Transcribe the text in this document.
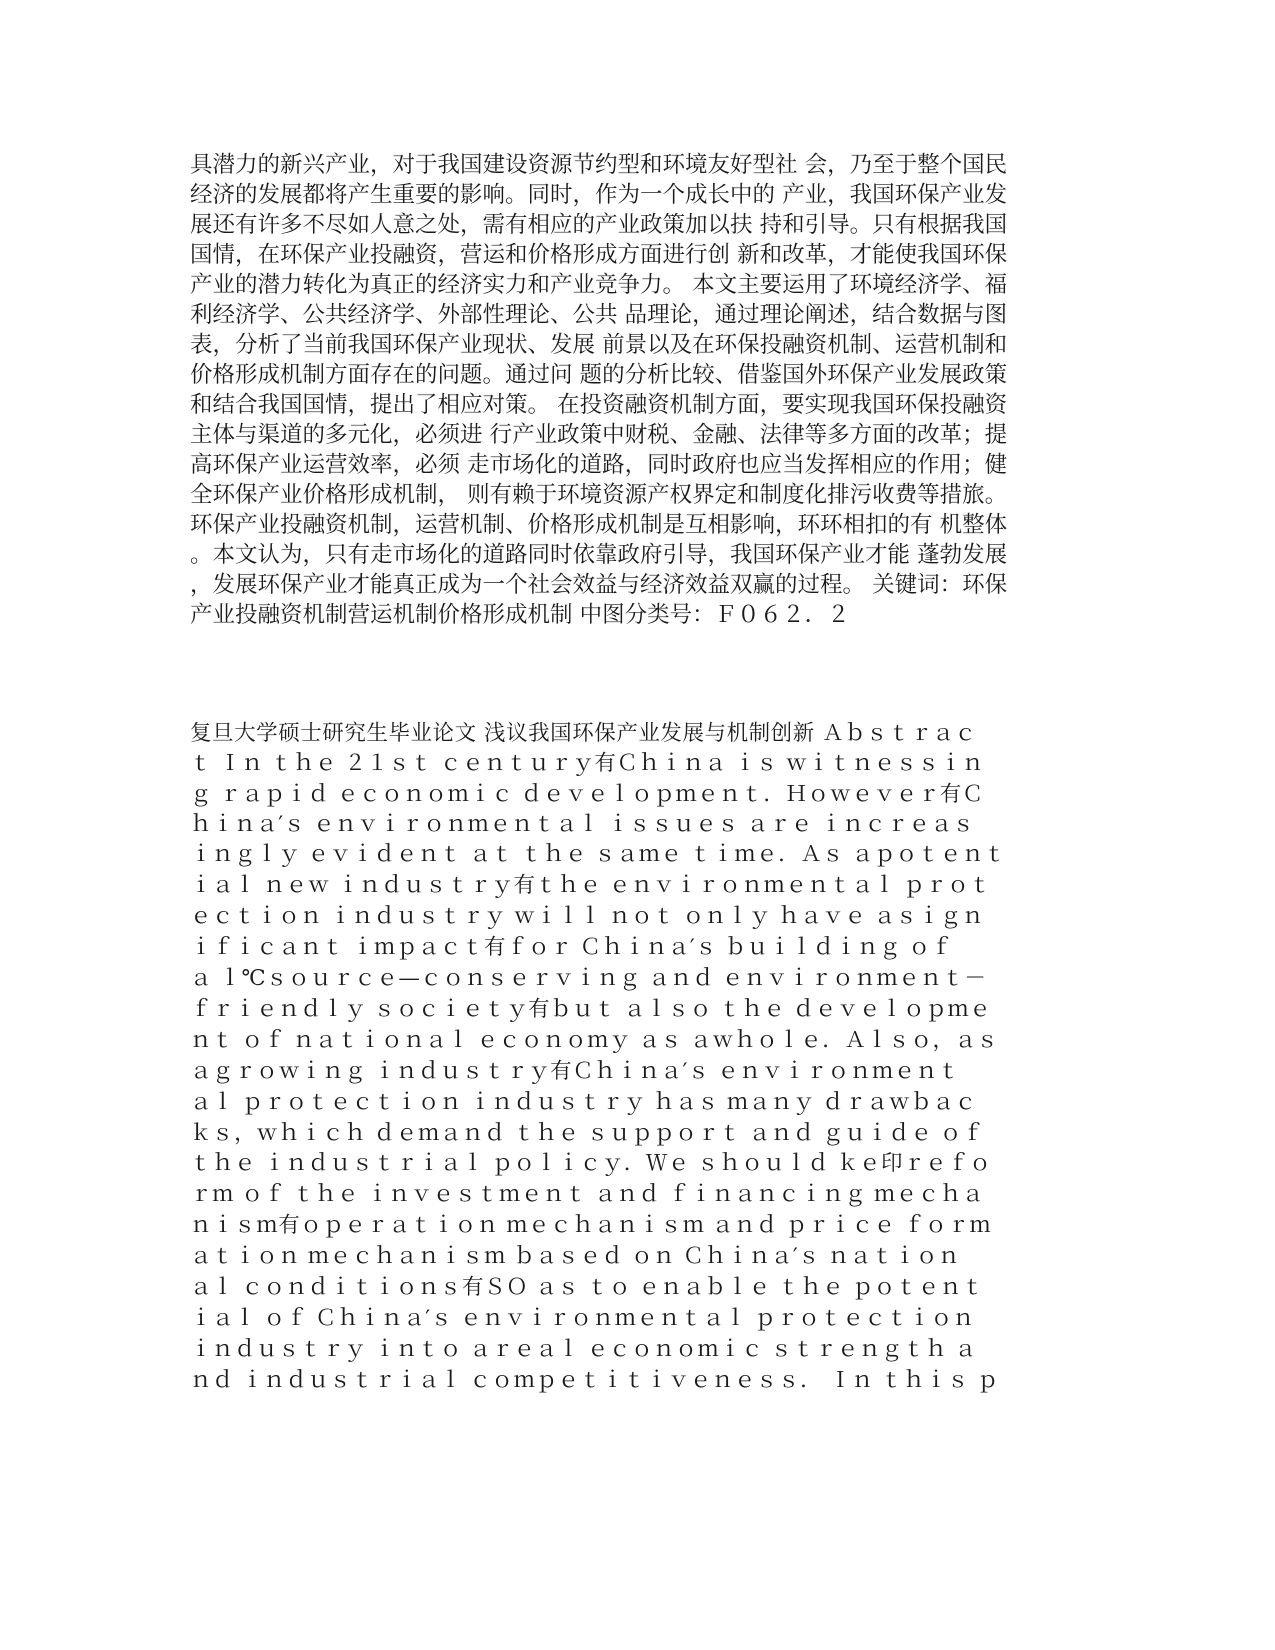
具潜力的新兴产业，对于我国建设资源节约型和环境友好型社 会，乃至于整个国民
经济的发展都将产生重要的影响。同时，作为一个成长中的 产业，我国环保产业发
展还有许多不尽如人意之处，需有相应的产业政策加以扶 持和引导。只有根据我国
国情，在环保产业投融资，营运和价格形成方面进行创 新和改革，才能使我国环保
产业的潜力转化为真正的经济实力和产业竞争力。 本文主要运用了环境经济学、福
利经济学、公共经济学、外部性理论、公共 品理论，通过理论阐述，结合数据与图
表，分析了当前我国环保产业现状、发展 前景以及在环保投融资机制、运营机制和
价格形成机制方面存在的问题。通过问 题的分析比较、借鉴国外环保产业发展政策
和结合我国国情，提出了相应对策。 在投资融资机制方面，要实现我国环保投融资
主体与渠道的多元化，必须进 行产业政策中财税、金融、法律等多方面的改革；提
高环保产业运营效率，必须 走市场化的道路，同时政府也应当发挥相应的作用；健
全环保产业价格形成机制， 则有赖于环境资源产权界定和制度化排污收费等措旅。
环保产业投融资机制，运营机制、价格形成机制是互相影响，环环相扣的有 机整体
。本文认为，只有走市场化的道路同时依靠政府引导，我国环保产业才能 蓬勃发展
，发展环保产业才能真正成为一个社会效益与经济效益双赢的过程。 关键词：环保
产业投融资机制营运机制价格形成机制 中图分类号：Ｆ０６２．２
复旦大学硕士研究生毕业论文 浅议我国环保产业发展与机制创新 Ａｂｓｔｒａｃ
ｔ Ｉｎ ｔｈｅ ２１ｓｔ ｃｅｎｔｕｒｙ有Ｃｈｉｎａ ｉｓ ｗｉｔｎｅｓｓｉｎ
ｇ ｒａｐｉｄ ｅｃｏｎｏｍｉｃ ｄｅｖｅｌｏｐｍｅｎｔ．Ｈｏｗｅｖｅｒ有Ｃ
ｈｉｎａ′ｓ ｅｎｖｉｒｏｎｍｅｎｔａｌ ｉｓｓｕｅｓ ａｒｅ ｉｎｃｒｅａｓ
ｉｎｇｌｙ ｅｖｉｄｅｎｔ ａｔ ｔｈｅ ｓａｍｅ ｔｉｍｅ．Ａｓ ａｐｏｔｅｎｔ
ｉａｌ ｎｅｗ ｉｎｄｕｓｔｒｙ有ｔｈｅ ｅｎｖｉｒｏｎｍｅｎｔａｌ ｐｒｏｔ
ｅｃｔｉｏｎ ｉｎｄｕｓｔｒｙ ｗｉｌｌ ｎｏｔ ｏｎｌｙ ｈａｖｅ ａｓｉｇｎ
ｉｆｉｃａｎｔ ｉｍｐａｃｔ有ｆｏｒ Ｃｈｉｎａ′ｓ ｂｕｉｌｄｉｎｇ ｏｆ
ａ ｌ℃ｓｏｕｒｃｅ—ｃｏｎｓｅｒｖｉｎｇ ａｎｄ ｅｎｖｉｒｏｎｍｅｎｔ－
ｆｒｉｅｎｄｌｙ ｓｏｃｉｅｔｙ有ｂｕｔ ａｌｓｏ ｔｈｅ ｄｅｖｅｌｏｐｍｅ
ｎｔ ｏｆ ｎａｔｉｏｎａｌ ｅｃｏｎｏｍｙ ａｓ ａｗｈｏｌｅ．Ａｌｓｏ，ａｓ
ａｇｒｏｗｉｎｇ ｉｎｄｕｓｔｒｙ有Ｃｈｉｎａ′ｓ ｅｎｖｉｒｏｎｍｅｎｔ
ａｌ ｐｒｏｔｅｃｔｉｏｎ ｉｎｄｕｓｔｒｙ ｈａｓ ｍａｎｙ ｄｒａｗｂａｃ
ｋｓ，ｗｈｉｃｈ ｄｅｍａｎｄ ｔｈｅ ｓｕｐｐｏｒｔ ａｎｄ ｇｕｉｄｅ ｏｆ
ｔｈｅ ｉｎｄｕｓｔｒｉａｌ ｐｏｌｉｃｙ．Ｗｅ ｓｈｏｕｌｄ ｋｅ印ｒｅｆｏ
ｒｍ ｏｆ ｔｈｅ ｉｎｖｅｓｔｍｅｎｔ ａｎｄ ｆｉｎａｎｃｉｎｇ ｍｅｃｈａ
ｎｉｓｍ有ｏｐｅｒａｔｉｏｎ ｍｅｃｈａｎｉｓｍ ａｎｄ ｐｒｉｃｅ ｆｏｒｍ
ａｔｉｏｎ ｍｅｃｈａｎｉｓｍ ｂａｓｅｄ ｏｎ Ｃｈｉｎａ′ｓ ｎａｔｉｏｎ
ａｌ ｃｏｎｄｉｔｉｏｎｓ有ＳＯ ａｓ ｔｏ ｅｎａｂｌｅ ｔｈｅ ｐｏｔｅｎｔ
ｉａｌ ｏｆ Ｃｈｉｎａ′ｓ ｅｎｖｉｒｏｎｍｅｎｔａｌ ｐｒｏｔｅｃｔｉｏｎ
ｉｎｄｕｓｔｒｙ ｉｎｔｏ ａｒｅａｌ ｅｃｏｎｏｍｉｃ ｓｔｒｅｎｇｔｈ ａ
ｎｄ ｉｎｄｕｓｔｒｉａｌ ｃｏｍｐｅｔｉｔｉｖｅｎｅｓｓ． Ｉｎ ｔｈｉｓ ｐ
